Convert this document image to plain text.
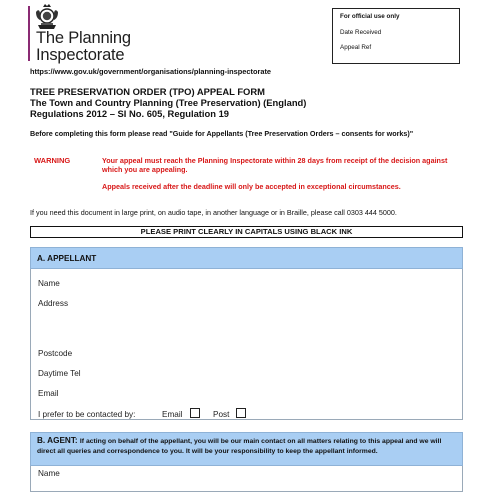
The Planning
Inspectorate
https://www.gov.uk/government/organisations/planning-inspectorate
For official use only
Date Received
Appeal Ref
TREE PRESERVATION ORDER (TPO) APPEAL FORM
The Town and Country Planning (Tree Preservation) (England)
Regulations 2012 – SI No. 605, Regulation 19
Before completing this form please read "Guide for Appellants (Tree Preservation Orders – consents for works)"
WARNING	Your appeal must reach the Planning Inspectorate within 28 days from receipt of the decision against which you are appealing.

Appeals received after the deadline will only be accepted in exceptional circumstances.

If you need this document in large print, on audio tape, in another language or in Braille, please call 0303 444 5000.
PLEASE PRINT CLEARLY IN CAPITALS USING BLACK INK
A. APPELLANT
Name
Address
Postcode
Daytime Tel
Email
I prefer to be contacted by:	Email	Post
B. AGENT: If acting on behalf of the appellant, you will be our main contact on all matters relating to this appeal and we will direct all queries and correspondence to you. It will be your responsibility to keep the appellant informed.
Name
